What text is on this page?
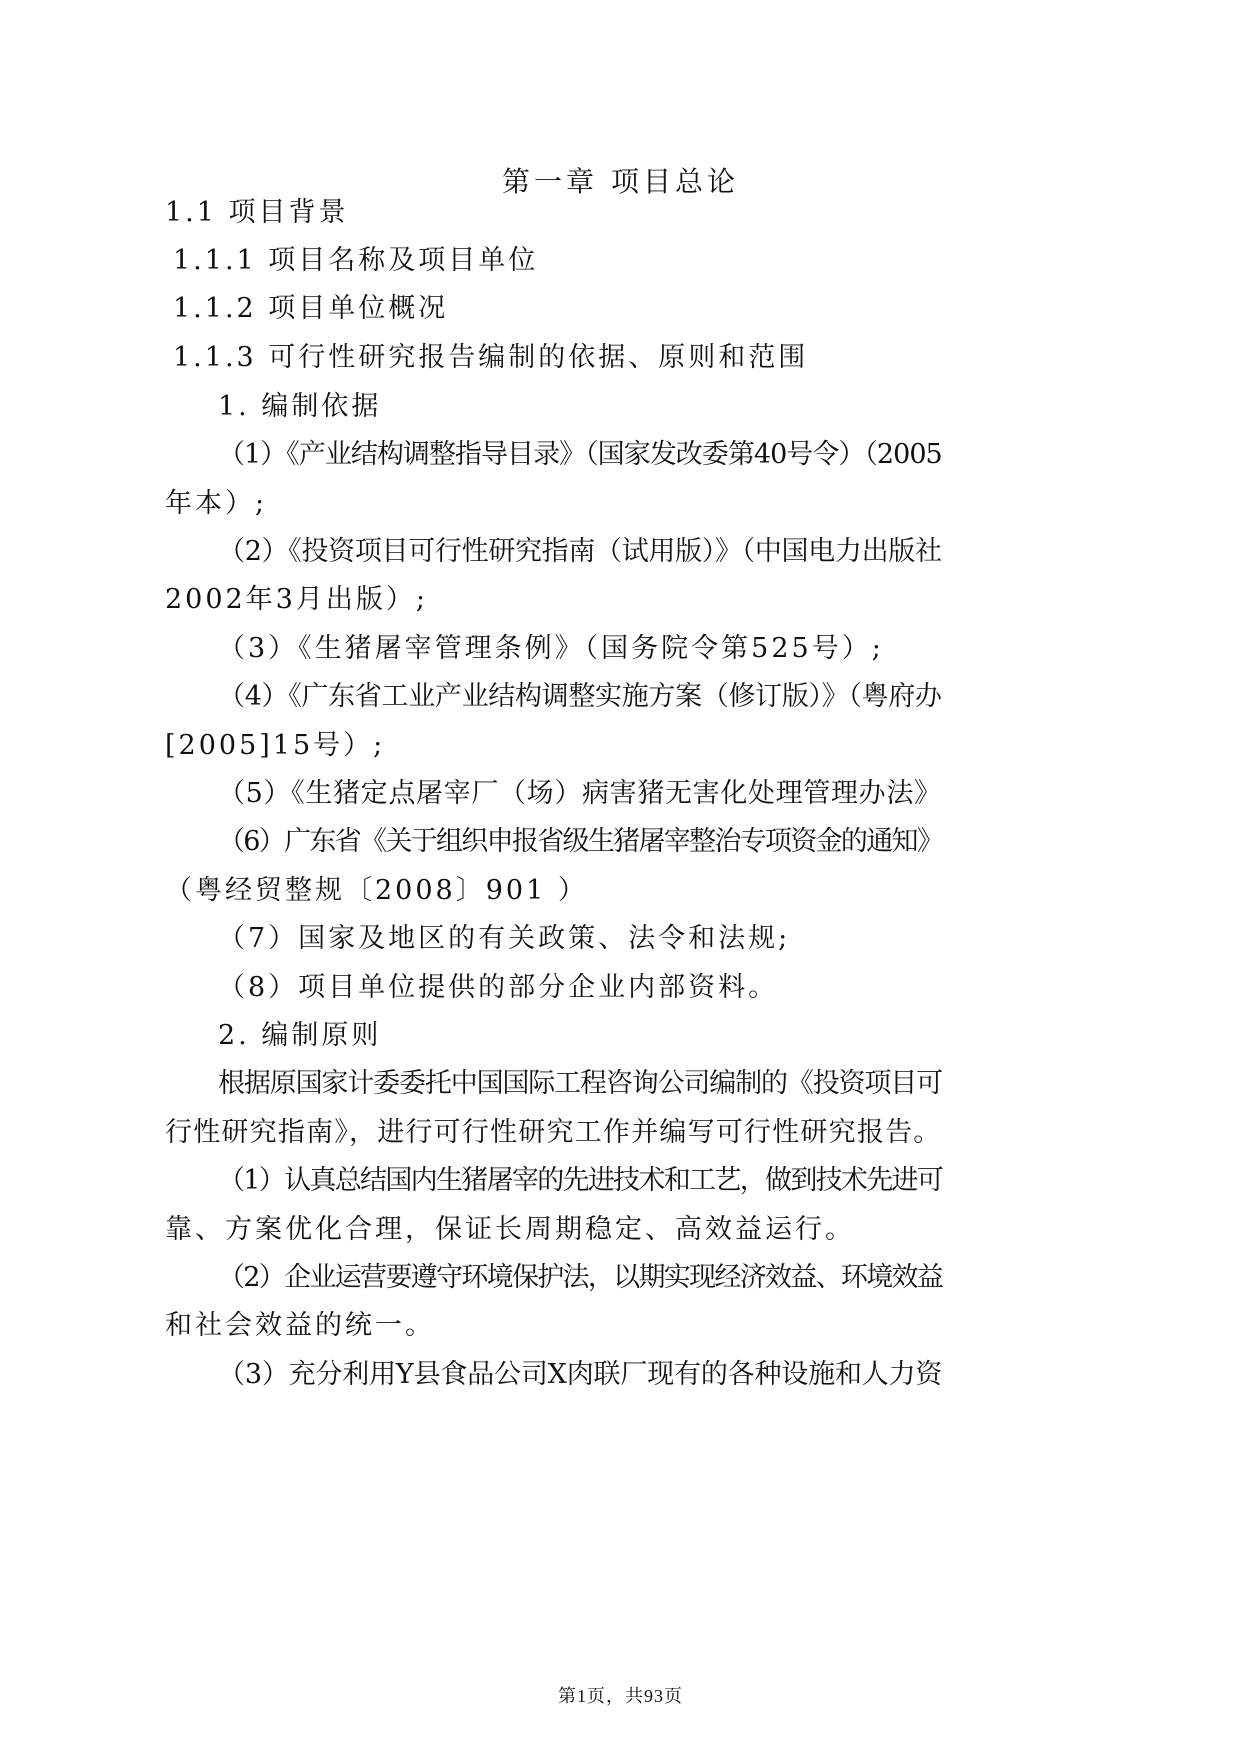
第一章 项目总论
1.1 项目背景
1.1.1 项目名称及项目单位
1.1.2 项目单位概况
1.1.3 可行性研究报告编制的依据、原则和范围
1. 编制依据
（1）《产业结构调整指导目录》（国家发改委第40号令）（2005
年本）;
（2）《投资项目可行性研究指南（试用版）》（中国电力出版社
2002年3月出版）;
（3）《生猪屠宰管理条例》（国务院令第525号）;
（4）《广东省工业产业结构调整实施方案（修订版）》（粤府办
[2005]15号）;
（5）《生猪定点屠宰厂（场）病害猪无害化处理管理办法》
（6）广东省《关于组织申报省级生猪屠宰整治专项资金的通知》
（粤经贸整规〔2008〕901 ）
（7）国家及地区的有关政策、法令和法规;
（8）项目单位提供的部分企业内部资料。
2. 编制原则
根据原国家计委委托中国国际工程咨询公司编制的《投资项目可
行性研究指南》，进行可行性研究工作并编写可行性研究报告。
（1）认真总结国内生猪屠宰的先进技术和工艺，做到技术先进可
靠、方案优化合理，保证长周期稳定、高效益运行。
（2）企业运营要遵守环境保护法，以期实现经济效益、环境效益
和社会效益的统一。
（3）充分利用Y县食品公司X肉联厂现有的各种设施和人力资
第1页，共93页
